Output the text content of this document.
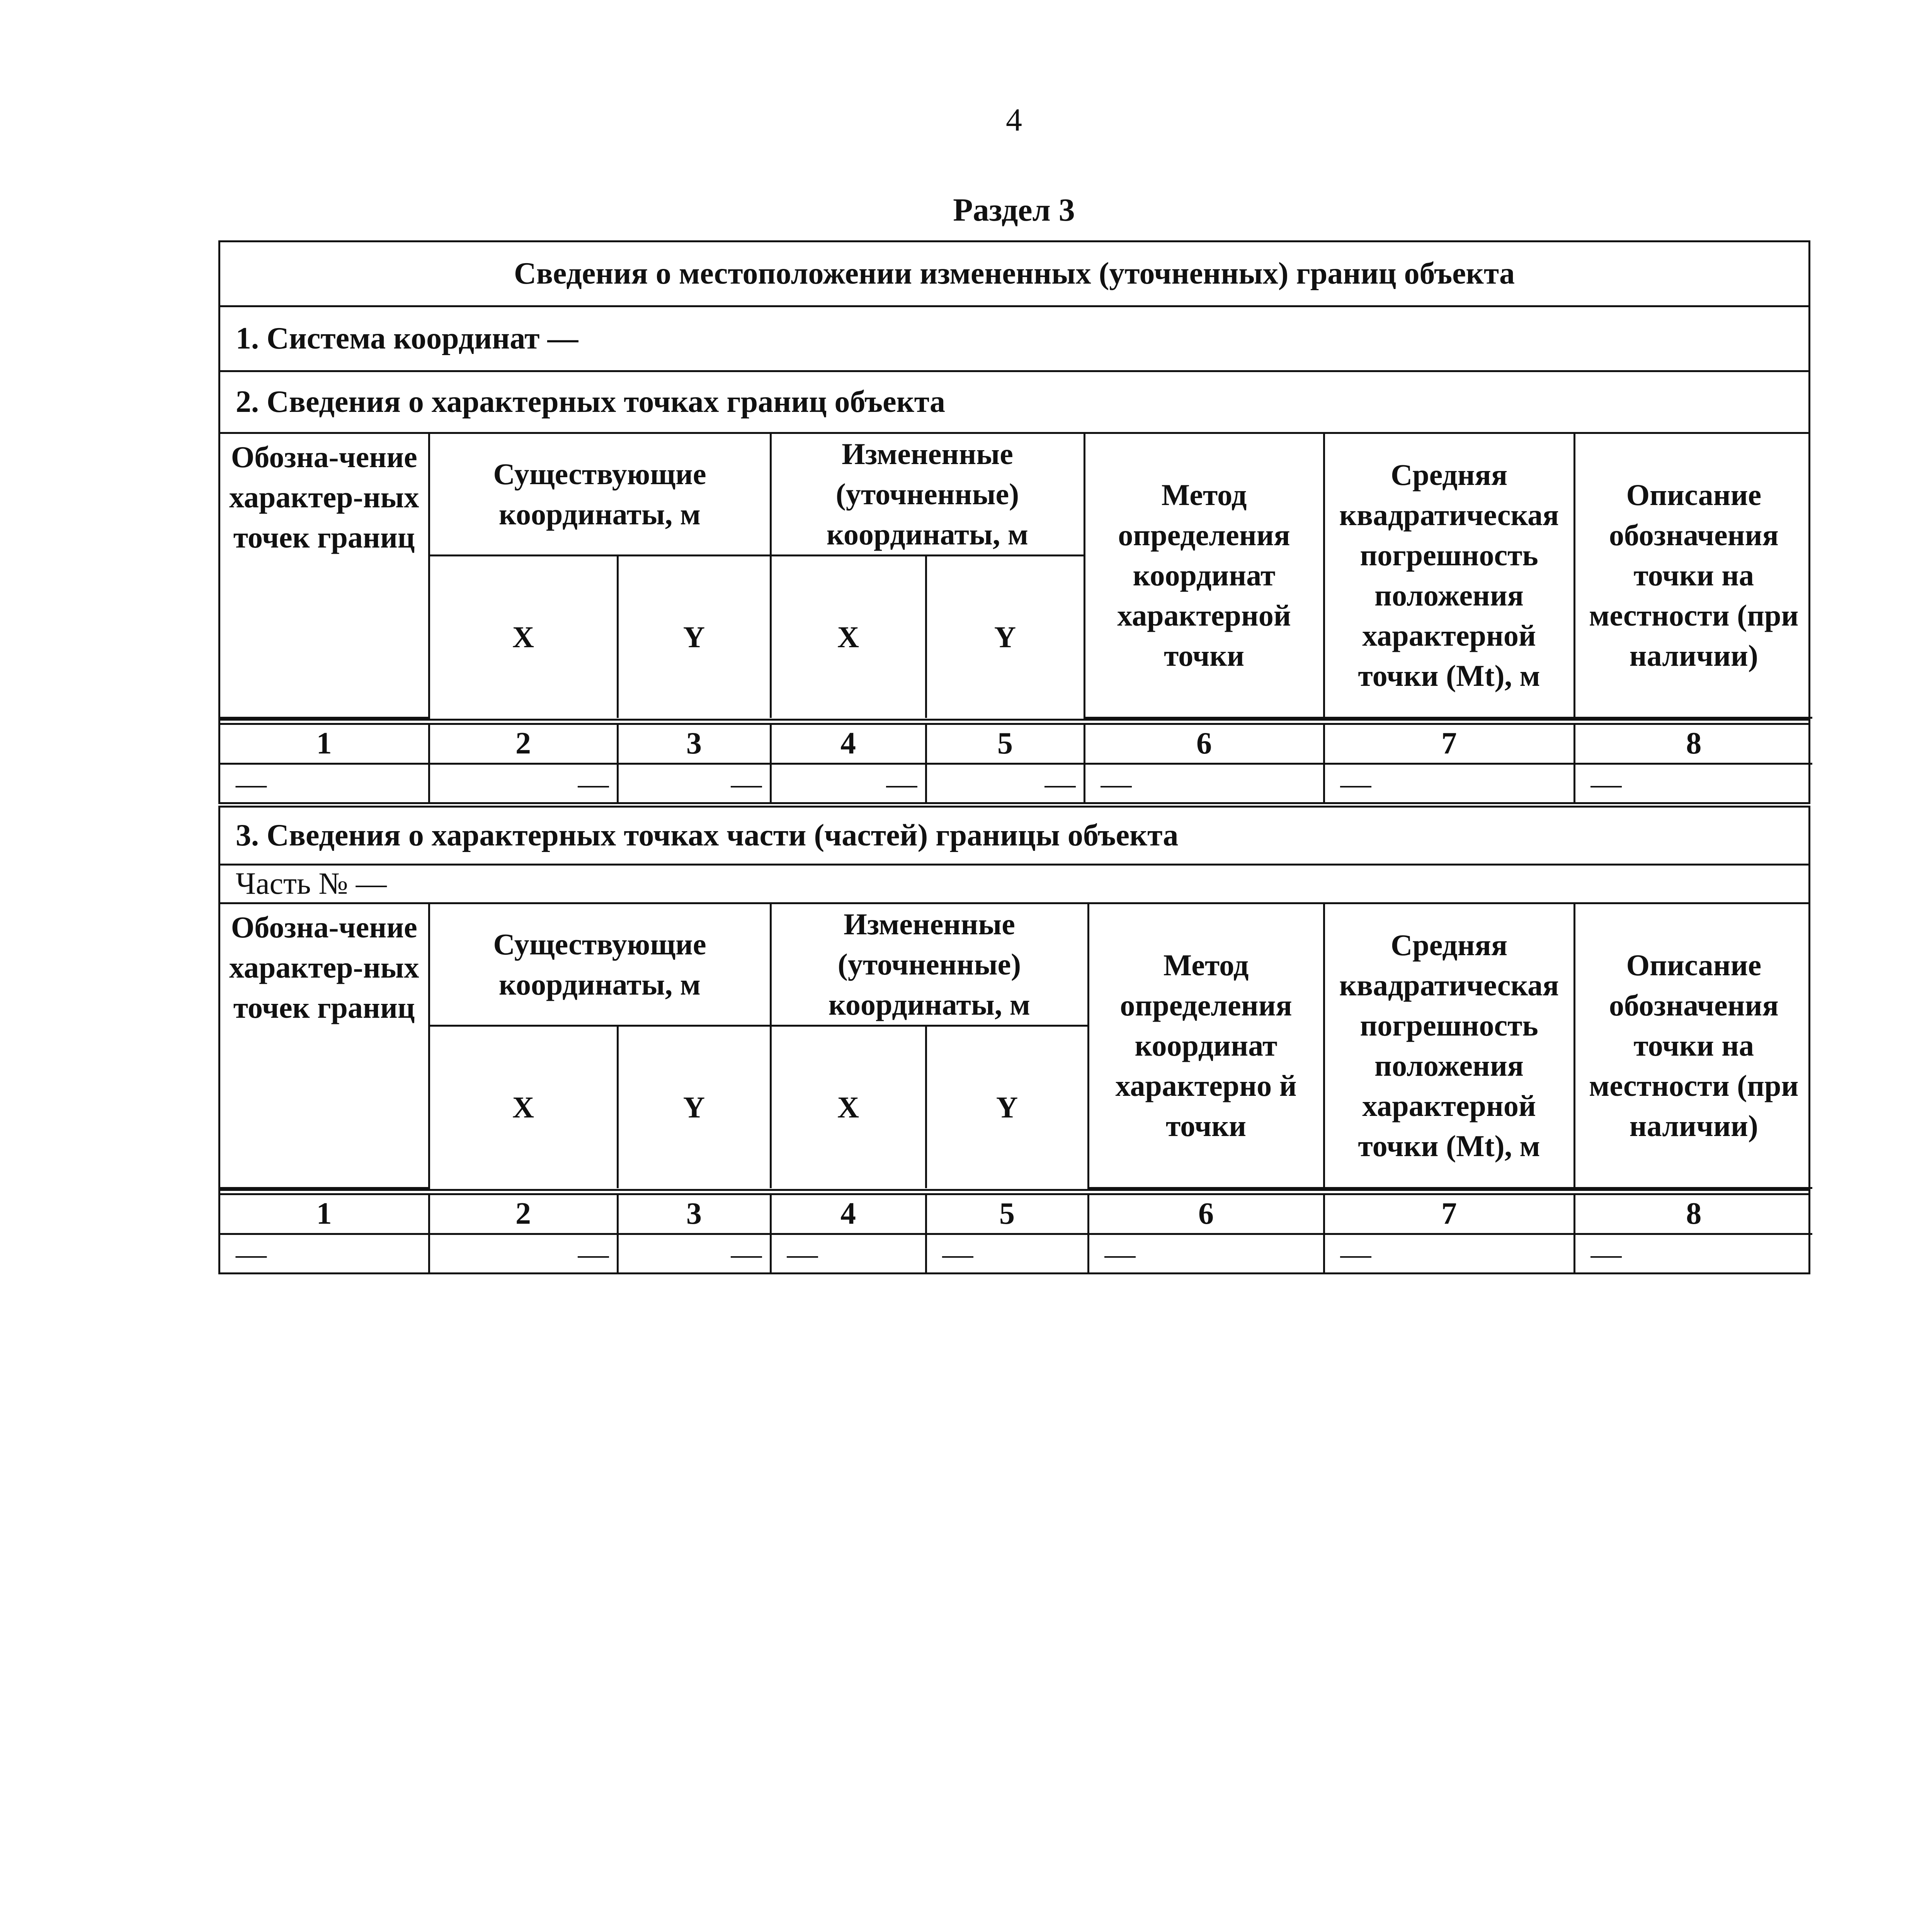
4
Раздел 3
Сведения о местоположении измененных (уточненных) границ объекта
1. Система координат —
2. Сведения о характерных точках границ объекта
Обозна-чение характер-ных точек границ	Существующие координаты, м		Измененные (уточненные) координаты, м		Метод определения координат характерной точки	Средняя квадратическая погрешность положения характерной точки (Mt), м	Описание обозначения точки на местности (при наличии)
	X	Y	X	Y			
1	2	3	4	5	6	7	8

—	—	—	—	—	—	—	—
3. Сведения о характерных точках части (частей) границы объекта
Часть № —
Обозна-чение характер-ных точек границ	Существующие координаты, м		Измененные (уточненные) координаты, м		Метод определения координат характерно й точки	Средняя квадратическая погрешность положения характерной точки (Mt), м	Описание обозначения точки на местности (при наличии)
	X	Y	X	Y			
1	2	3	4	5	6	7	8

—	—	—	—	—	—	—	—
